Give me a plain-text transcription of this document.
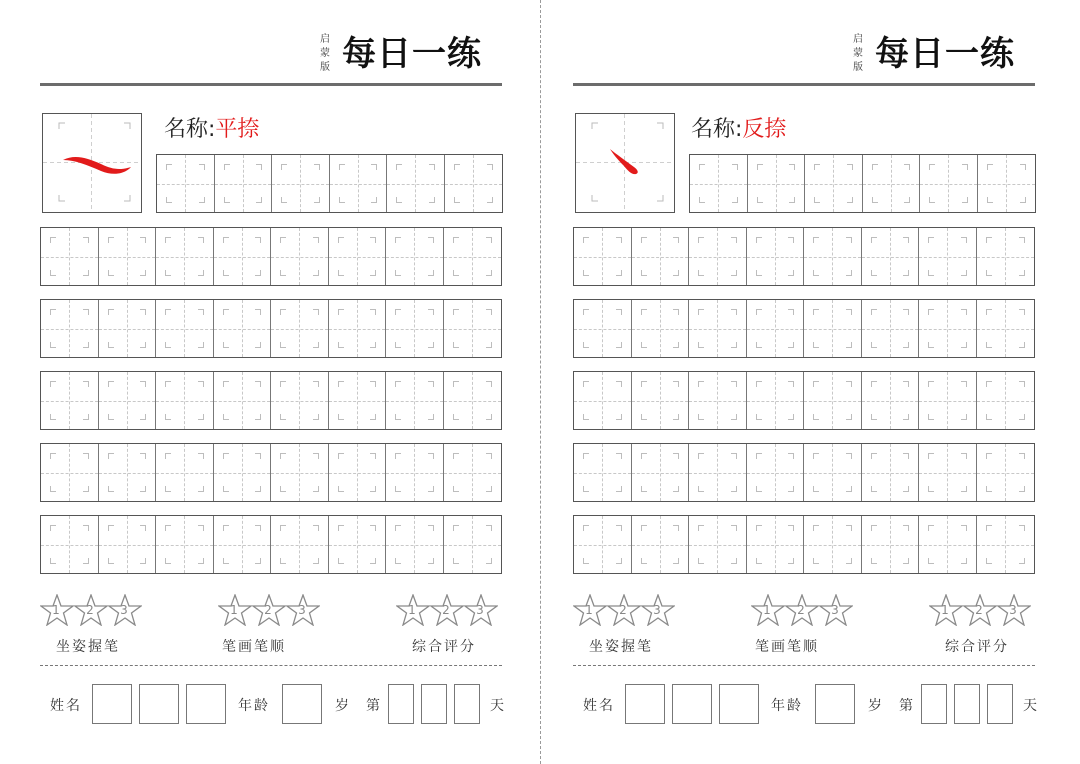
启
蒙
版 每日一练
名称:平捺
1	2	3
坐姿握笔
1	2	3
笔画笔顺
1	2	3
综合评分
姓名	年龄	岁 第	天
启
蒙
版 每日一练
名称:反捺
1	2	3
坐姿握笔
1	2	3
笔画笔顺
1	2	3
综合评分
姓名	年龄	岁 第	天
